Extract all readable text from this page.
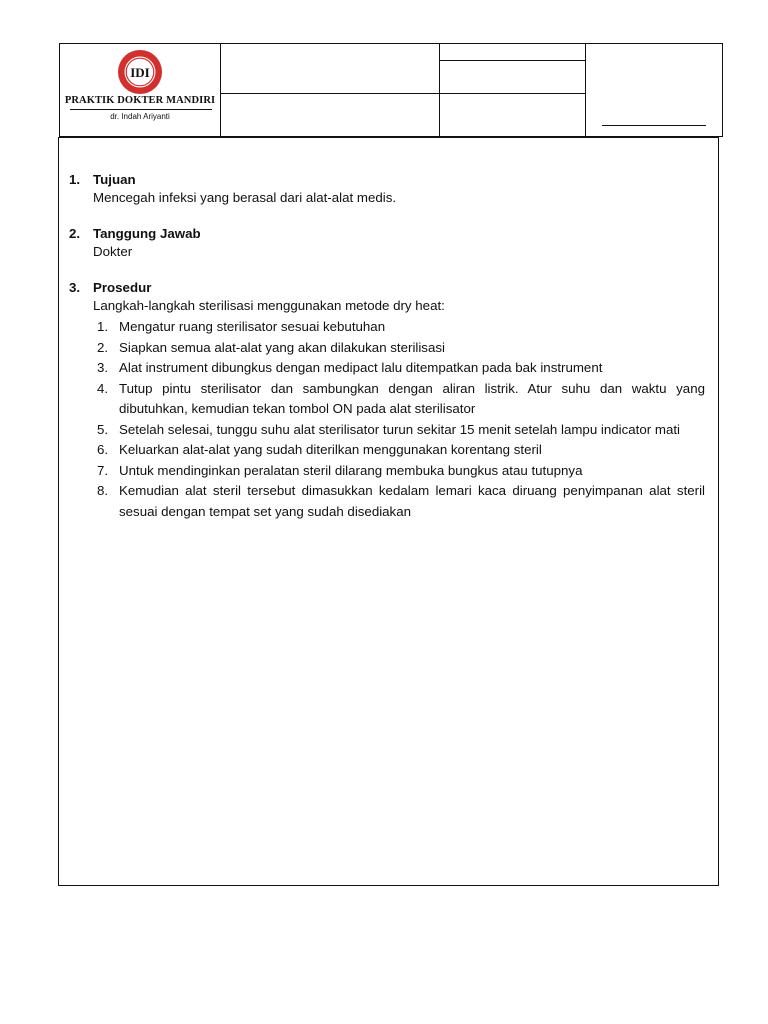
IDI
PRAKTIK DOKTER MANDIRI
dr. Indah Ariyanti
1. Tujuan
Mencegah infeksi yang berasal dari alat-alat medis.
2. Tanggung Jawab
Dokter
3. Prosedur
Langkah-langkah sterilisasi menggunakan metode dry heat:
1. Mengatur ruang sterilisator sesuai kebutuhan
2. Siapkan semua alat-alat yang akan dilakukan sterilisasi
3. Alat instrument dibungkus dengan medipact lalu ditempatkan pada bak instrument
4. Tutup pintu sterilisator dan sambungkan dengan aliran listrik. Atur suhu dan waktu yang dibutuhkan, kemudian tekan tombol ON pada alat sterilisator
5. Setelah selesai, tunggu suhu alat sterilisator turun sekitar 15 menit setelah lampu indicator mati
6. Keluarkan alat-alat yang sudah diterilkan menggunakan korentang steril
7. Untuk mendinginkan peralatan steril dilarang membuka bungkus atau tutupnya
8. Kemudian alat steril tersebut dimasukkan kedalam lemari kaca diruang penyimpanan alat steril sesuai dengan tempat set yang sudah disediakan
